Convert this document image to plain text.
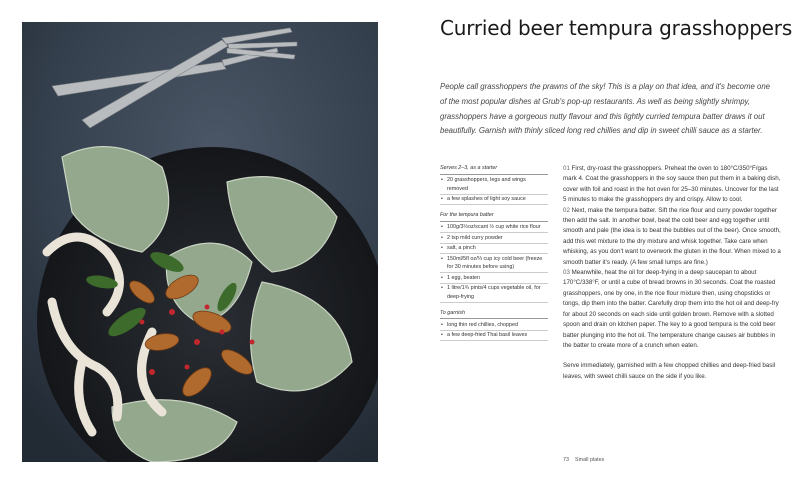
Curried beer tempura grasshoppers

People call grasshoppers the prawns of the sky! This is a play on that idea, and it's become one of the most popular dishes at Grub's pop-up restaurants. As well as being slightly shrimpy, grasshoppers have a gorgeous nutty flavour and this lightly curried tempura batter draws it out beautifully. Garnish with thinly sliced long red chillies and dip in sweet chilli sauce as a starter.

Serves 2–3, as a starter
• 20 grasshoppers, legs and wings removed
• a few splashes of light soy sauce
For the tempura batter
• 100g/3½oz/scant ½ cup white rice flour
• 2 tsp mild curry powder
• salt, a pinch
• 150ml/5fl oz/⅔ cup icy cold beer (freeze for 30 minutes before using)
• 1 egg, beaten
• 1 litre/1¾ pints/4 cups vegetable oil, for deep-frying
To garnish
• long thin red chillies, chopped
• a few deep-fried Thai basil leaves

01 First, dry-roast the grasshoppers. Preheat the oven to 180°C/350°F/gas mark 4. Coat the grasshoppers in the soy sauce then put them in a baking dish, cover with foil and roast in the hot oven for 25–30 minutes. Uncover for the last 5 minutes to make the grasshoppers dry and crispy. Allow to cool.

02 Next, make the tempura batter. Sift the rice flour and curry powder together then add the salt. In another bowl, beat the cold beer and egg together until smooth and pale (the idea is to beat the bubbles out of the beer). Once smooth, add this wet mixture to the dry mixture and whisk together. Take care when whisking, as you don't want to overwork the gluten in the flour. When mixed to a smooth batter it's ready. (A few small lumps are fine.)

03 Meanwhile, heat the oil for deep-frying in a deep saucepan to about 170°C/338°F, or until a cube of bread browns in 30 seconds. Coat the roasted grasshoppers, one by one, in the rice flour mixture then, using chopsticks or tongs, dip them into the batter. Carefully drop them into the hot oil and deep-fry for about 20 seconds on each side until golden brown. Remove with a slotted spoon and drain on kitchen paper. The key to a good tempura is the cold beer batter plunging into the hot oil. The temperature change causes air bubbles in the batter to create more of a crunch when eaten.

Serve immediately, garnished with a few chopped chillies and deep-fried basil leaves, with sweet chilli sauce on the side if you like.

73 Small plates
